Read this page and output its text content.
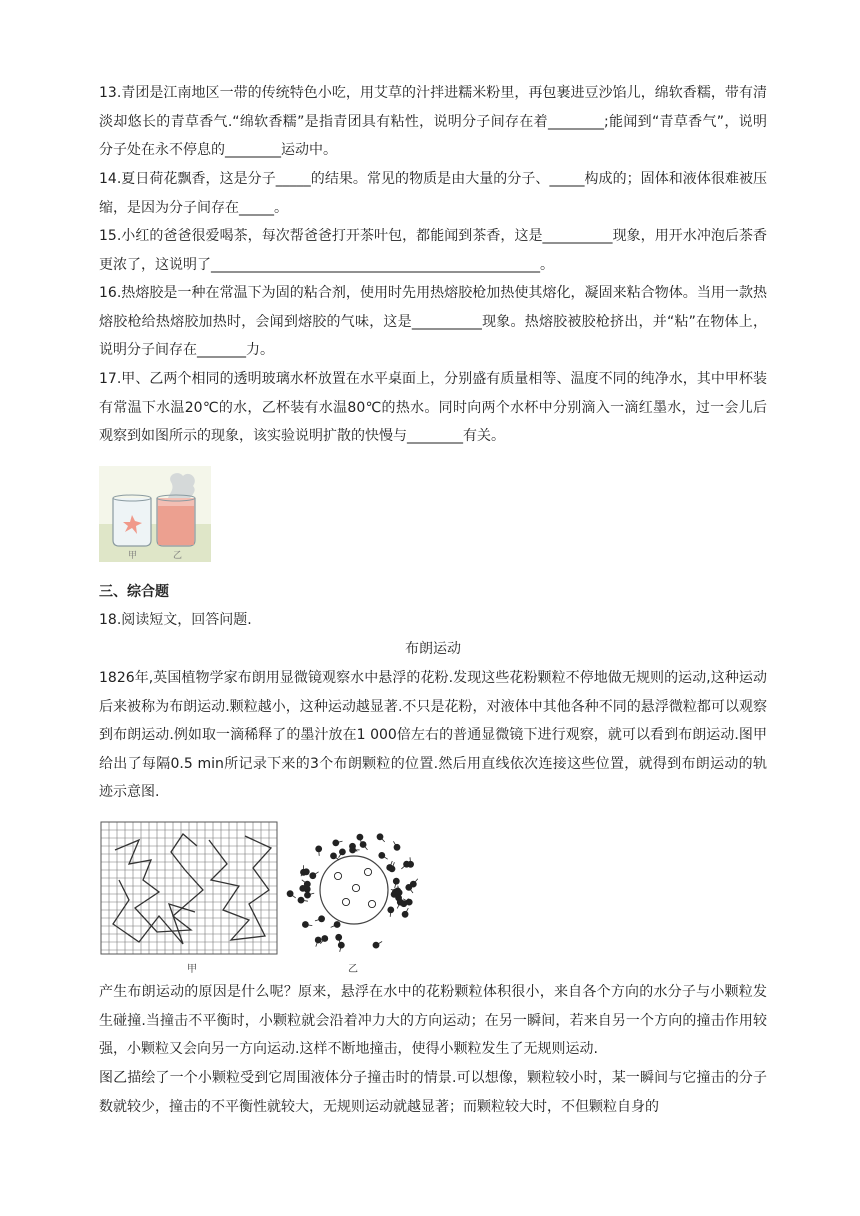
13.青团是江南地区一带的传统特色小吃，用艾草的汁拌进糯米粉里，再包裹进豆沙馅儿，绵软香糯，带有清淡却悠长的青草香气.“绵软香糯”是指青团具有粘性，说明分子间存在着________;能闻到“青草香气”，说明分子处在永不停息的________运动中。
14.夏日荷花飘香，这是分子_____的结果。常见的物质是由大量的分子、_____构成的；固体和液体很难被压缩，是因为分子间存在_____。
15.小红的爸爸很爱喝茶，每次帮爸爸打开茶叶包，都能闻到茶香，这是__________现象，用开水冲泡后茶香更浓了，这说明了_______________________________________________。
16.热熔胶是一种在常温下为固的粘合剂，使用时先用热熔胶枪加热使其熔化，凝固来粘合物体。当用一款热熔胶枪给热熔胶加热时，会闻到熔胶的气味，这是__________现象。热熔胶被胶枪挤出，并“粘”在物体上，说明分子间存在_______力。
17.甲、乙两个相同的透明玻璃水杯放置在水平桌面上，分别盛有质量相等、温度不同的纯净水，其中甲杯装有常温下水温20℃的水，乙杯装有水温80℃的热水。同时向两个水杯中分别滴入一滴红墨水，过一会儿后观察到如图所示的现象，该实验说明扩散的快慢与________有关。
甲	乙
三、综合题
18.阅读短文，回答问题.
布朗运动
1826年,英国植物学家布朗用显微镜观察水中悬浮的花粉.发现这些花粉颗粒不停地做无规则的运动,这种运动后来被称为布朗运动.颗粒越小，这种运动越显著.不只是花粉，对液体中其他各种不同的悬浮微粒都可以观察到布朗运动.例如取一滴稀释了的墨汁放在1 000倍左右的普通显微镜下进行观察，就可以看到布朗运动.图甲给出了每隔0.5 min所记录下来的3个布朗颗粒的位置.然后用直线依次连接这些位置，就得到布朗运动的轨迹示意图.
甲	乙
产生布朗运动的原因是什么呢？原来，悬浮在水中的花粉颗粒体积很小，来自各个方向的水分子与小颗粒发生碰撞.当撞击不平衡时，小颗粒就会沿着冲力大的方向运动；在另一瞬间，若来自另一个方向的撞击作用较强，小颗粒又会向另一方向运动.这样不断地撞击，使得小颗粒发生了无规则运动.
图乙描绘了一个小颗粒受到它周围液体分子撞击时的情景.可以想像，颗粒较小时，某一瞬间与它撞击的分子数就较少，撞击的不平衡性就较大，无规则运动就越显著；而颗粒较大时，不但颗粒自身的
